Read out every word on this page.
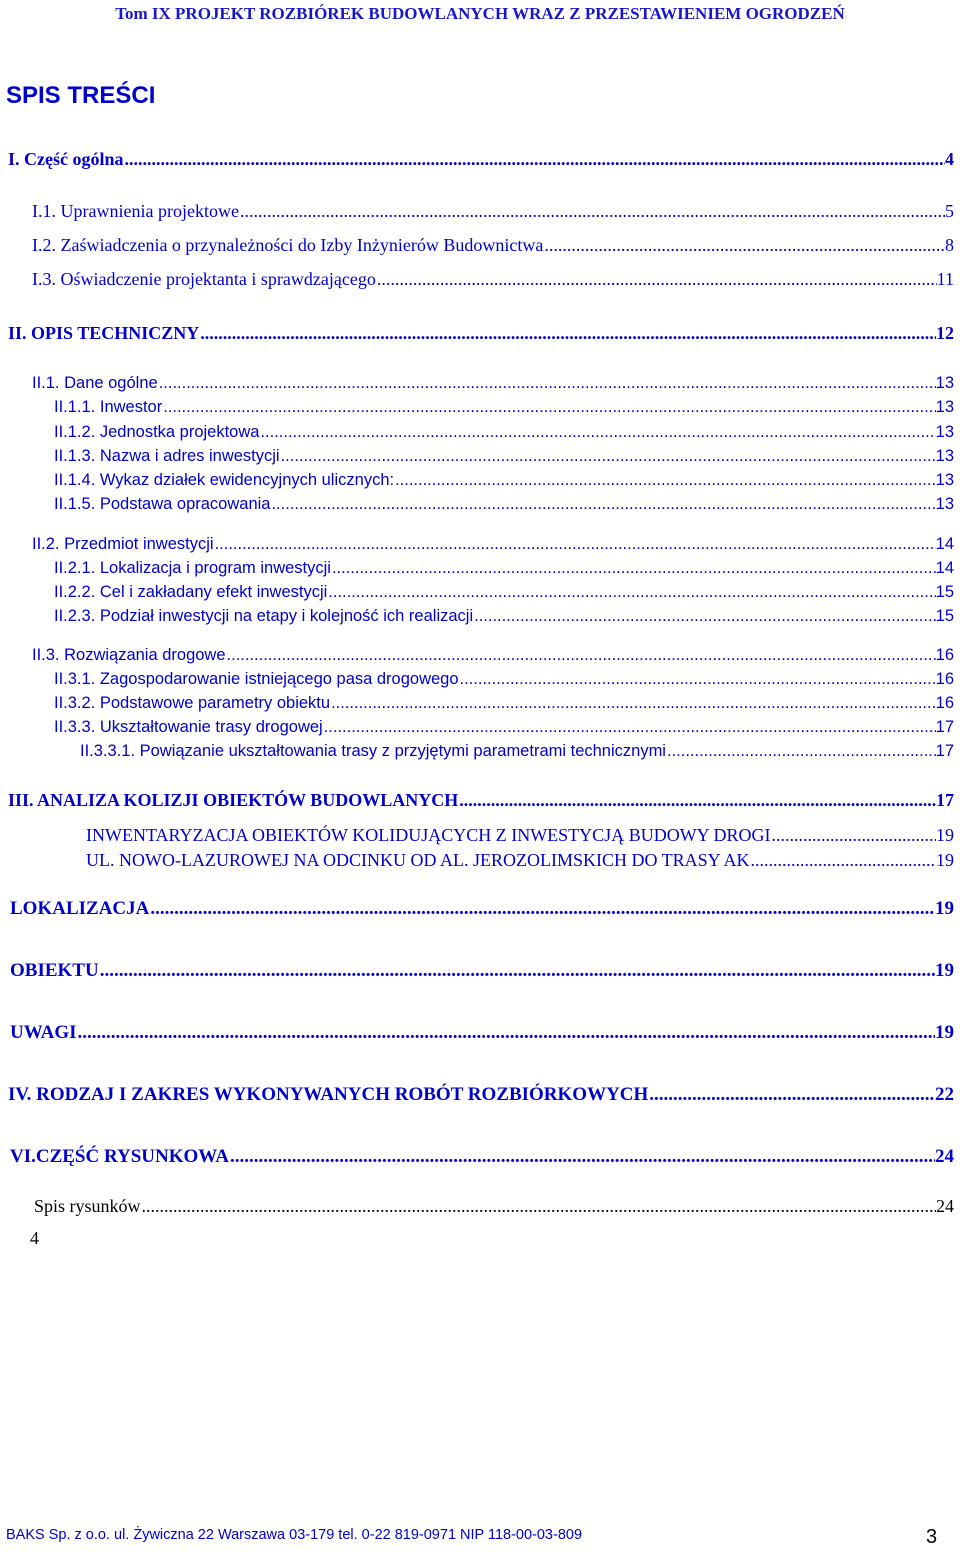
Tom IX PROJEKT ROZBIÓREK BUDOWLANYCH WRAZ Z PRZESTAWIENIEM OGRODZEŃ
SPIS TREŚCI
I. Część ogólna .....	4
I.1. Uprawnienia projektowe .....	5
I.2. Zaświadczenia o przynależności do Izby Inżynierów Budownictwa .....	8
I.3. Oświadczenie projektanta i sprawdzającego .....	11
II. OPIS TECHNICZNY .....	12
II.1. Dane ogólne .....	13
II.1.1. Inwestor .....	13
II.1.2. Jednostka projektowa .....	13
II.1.3. Nazwa i adres inwestycji .....	13
II.1.4. Wykaz działek ewidencyjnych ulicznych: .....	13
II.1.5. Podstawa opracowania .....	13
II.2. Przedmiot inwestycji .....	14
II.2.1. Lokalizacja i program inwestycji .....	14
II.2.2. Cel i zakładany efekt inwestycji .....	15
II.2.3. Podział inwestycji na etapy i kolejność ich realizacji .....	15
II.3. Rozwiązania drogowe .....	16
II.3.1. Zagospodarowanie istniejącego pasa drogowego .....	16
II.3.2. Podstawowe parametry obiektu .....	16
II.3.3. Ukształtowanie trasy drogowej .....	17
II.3.3.1. Powiązanie ukształtowania trasy z przyjętymi parametrami technicznymi .....	17
III. ANALIZA KOLIZJI OBIEKTÓW BUDOWLANYCH .....	17
INWENTARYZACJA OBIEKTÓW KOLIDUJĄCYCH Z INWESTYCJĄ BUDOWY DROGI .....	19
UL. NOWO-LAZUROWEJ NA ODCINKU OD AL. JEROZOLIMSKICH DO TRASY AK .....	19
LOKALIZACJA .....	19
OBIEKTU .....	19
UWAGI .....	19
IV. RODZAJ I ZAKRES WYKONYWANYCH ROBÓT ROZBIÓRKOWYCH .....	22
VI.CZĘŚĆ RYSUNKOWA .....	24
Spis rysunków .....	24
4
BAKS Sp. z o.o. ul. Żywiczna 22 Warszawa 03-179 tel. 0-22 819-0971 NIP 118-00-03-809	3
